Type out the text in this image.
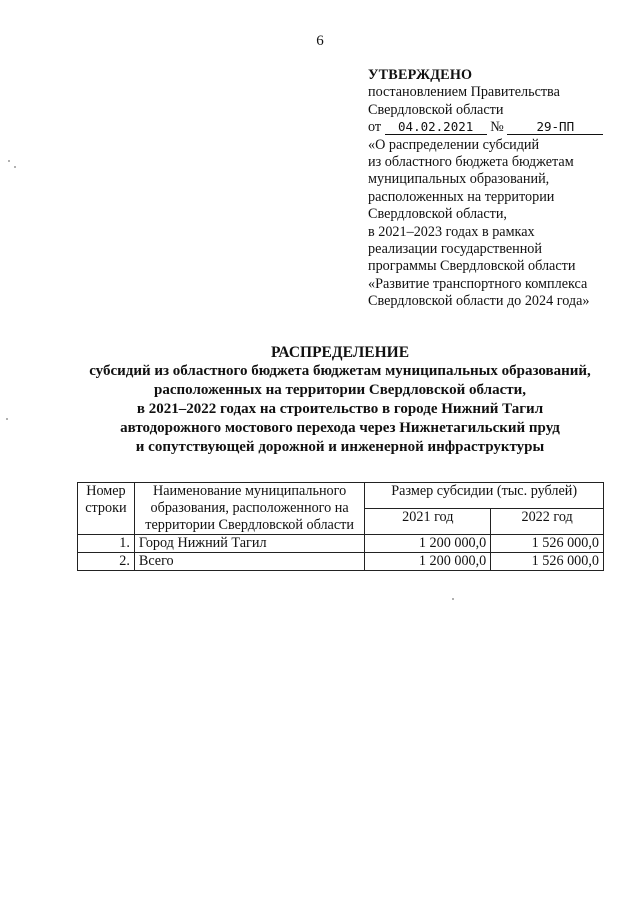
6
УТВЕРЖДЕНО
постановлением Правительства
Свердловской области
от 04.02.2021 №	29-ПП
«О распределении субсидий
из областного бюджета бюджетам
муниципальных образований,
расположенных на территории
Свердловской области,
в 2021–2023 годах в рамках
реализации государственной
программы Свердловской области
«Развитие транспортного комплекса
Свердловской области до 2024 года»
РАСПРЕДЕЛЕНИЕ
субсидий из областного бюджета бюджетам муниципальных образований,
расположенных на территории Свердловской области,
в 2021–2022 годах на строительство в городе Нижний Тагил
автодорожного мостового перехода через Нижнетагильский пруд
и сопутствующей дорожной и инженерной инфраструктуры
Номер строки	Наименование муниципального образования, расположенного на территории Свердловской области	Размер субсидии (тыс. рублей)	
		2021 год	2022 год
1.	Город Нижний Тагил	1 200 000,0	1 526 000,0
2.	Всего	1 200 000,0	1 526 000,0
